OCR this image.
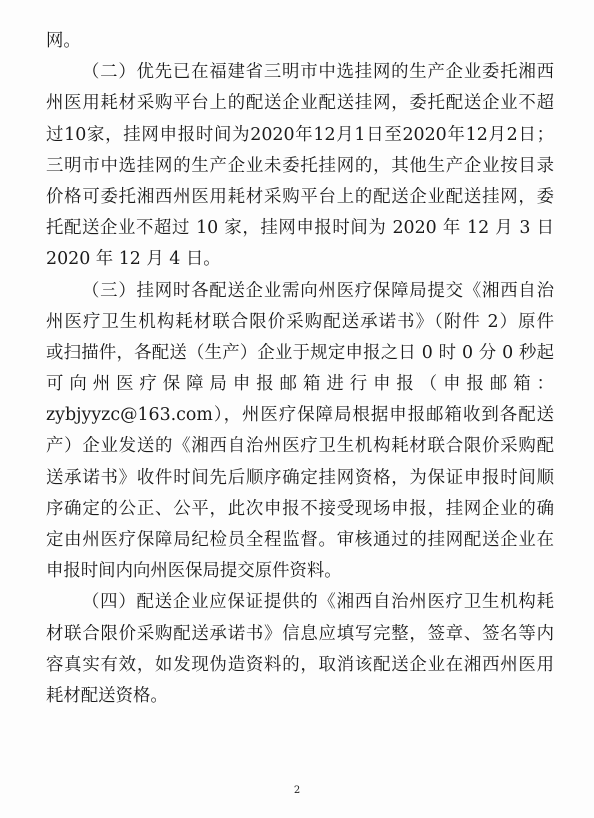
网。
（二）优先已在福建省三明市中选挂网的生产企业委托湘西
州医用耗材采购平台上的配送企业配送挂网，委托配送企业不超
过10家，挂网申报时间为2020年12月1日至2020年12月2日；
三明市中选挂网的生产企业未委托挂网的，其他生产企业按目录
价格可委托湘西州医用耗材采购平台上的配送企业配送挂网，委
托配送企业不超过 10 家，挂网申报时间为 2020 年 12 月 3 日
2020 年 12 月 4 日。
（三）挂网时各配送企业需向州医疗保障局提交《湘西自治
州医疗卫生机构耗材联合限价采购配送承诺书》（附件 2）原件
或扫描件，各配送（生产）企业于规定申报之日 0 时 0 分 0 秒起
可向州医疗保障局申报邮箱进行申报（申报邮箱：
zybjyyzc@163.com），州医疗保障局根据申报邮箱收到各配送
产）企业发送的《湘西自治州医疗卫生机构耗材联合限价采购配
送承诺书》收件时间先后顺序确定挂网资格，为保证申报时间顺
序确定的公正、公平，此次申报不接受现场申报，挂网企业的确
定由州医疗保障局纪检员全程监督。审核通过的挂网配送企业在
申报时间内向州医保局提交原件资料。
（四）配送企业应保证提供的《湘西自治州医疗卫生机构耗
材联合限价采购配送承诺书》信息应填写完整，签章、签名等内
容真实有效，如发现伪造资料的，取消该配送企业在湘西州医用
耗材配送资格。
2
